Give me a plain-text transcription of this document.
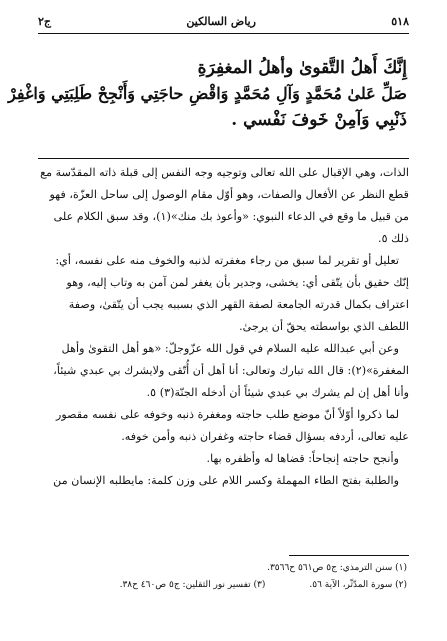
٥١٨
رياض السالكين
ج٢
إِنَّكَ أَهلُ التَّقوىٰ وأهلُ المغفِرَةِ
صَلِّ عَلىٰ مُحَمَّدٍ وَآلِ مُحَمَّدٍ وَاقْضِ حاجَتِي وَأَنْجِحْ طَلِبَتِي وَاغْفِرْ
ذَنْبِي وَآمِنْ خَوفَ نَفْسي .

الذات، وهي الإقبال على الله تعالى وتوجيه وجه النفس إلى قبلة ذاته المقدّسة مع

قطع النظر عن الأفعال والصفات، وهو أوّل مقام الوصول إلى ساحل العزّة، فهو

من قبيل ما وقع في الدعاء النبوي: «وأعوذ بك منك»(١)، وقد سبق الكلام على

ذلك ٥.

تعليل أو تقرير لما سبق من رجاء مغفرته لذنبه والخوف منه على نفسه، أي:

إنّك حقيق بأن يتّقى أي: يخشى، وجدير بأن يغفر لمن آمن به وتاب إليه، وهو

اعتراف بكمال قدرته الجامعة لصفة القهر الذي بسببه يجب أن يتّقىٰ، وصفة

اللطف الذي بواسطته يحقّ أن يرجىٰ.

وعن أبي عبدالله عليه السلام في قول الله عزّوجلّ: «هو أهل التقوىٰ وأهل

المغفرة»(٢): قال الله تبارك وتعالى: أنا أهل أن أُتّقى ولايشرك بي عبدي شيئاً،

وأنا أهل إن لم يشرك بي عبدي شيئاً أن أدخله الجنّة(٣) ٥.

لما ذكروا أوّلاً أنّ موضع طلب حاجته ومغفرة ذنبه وخوفه على نفسه مقصور

عليه تعالى، أردفه بسؤال قضاء حاجته وغفران ذنبه وأمن خوفه.

وأنجح حاجته إنجاحاً: قضاها له وأظفره بها.

والطلبة بفتح الطاء المهملة وكسر اللام على وزن كلمة: مايطلبه الإنسان من

(١) سنن الترمذي: ج٥ ص٥٦١ ح٣٥٦٦.
(٢) سورة المدّثّر، الآية ٥٦.
(٣) تفسير نور الثقلين: ج٥ ص٤٦٠ ح٣٨.
